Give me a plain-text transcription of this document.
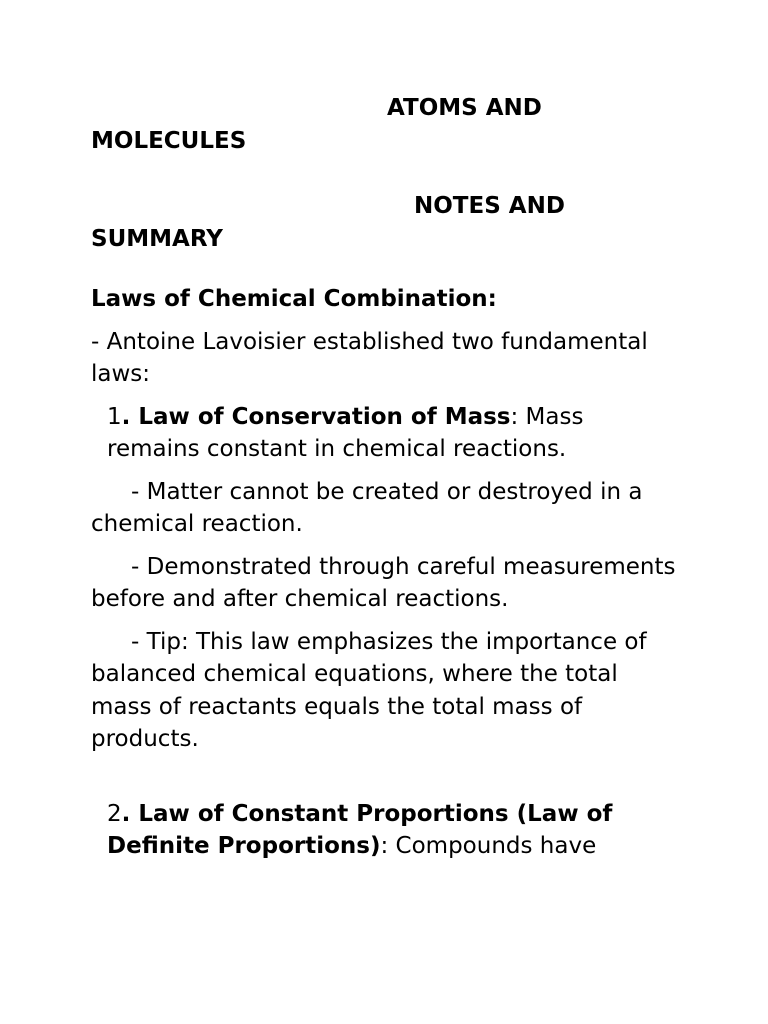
ATOMS AND
MOLECULES
NOTES AND
SUMMARY

Laws of Chemical Combination:

- Antoine Lavoisier established two fundamental laws:

1. Law of Conservation of Mass: Mass remains constant in chemical reactions.

- Matter cannot be created or destroyed in a chemical reaction.

- Demonstrated through careful measurements before and after chemical reactions.

- Tip: This law emphasizes the importance of balanced chemical equations, where the total mass of reactants equals the total mass of products.

2. Law of Constant Proportions (Law of Definite Proportions): Compounds have
